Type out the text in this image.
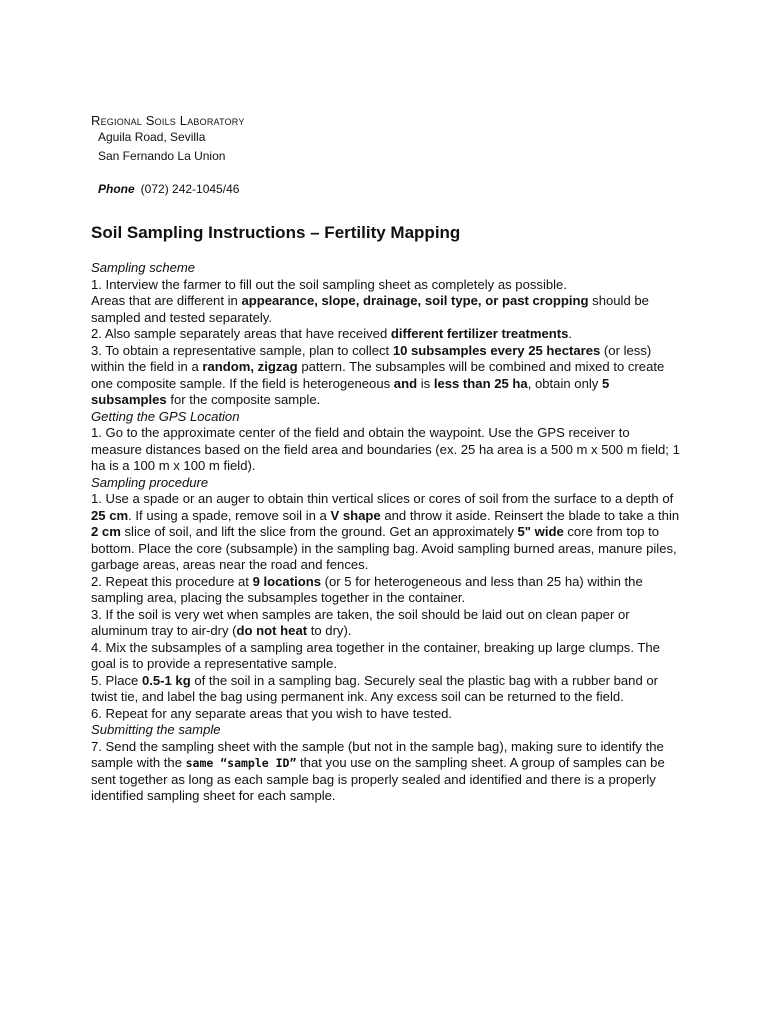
Regional Soils Laboratory
Aguila Road, Sevilla
San Fernando La Union
Phone (072) 242-1045/46
Soil Sampling Instructions – Fertility Mapping

Sampling scheme

1. Interview the farmer to fill out the soil sampling sheet as completely as possible.

Areas that are different in appearance, slope, drainage, soil type, or past cropping should be sampled and tested separately.

2. Also sample separately areas that have received different fertilizer treatments.

3. To obtain a representative sample, plan to collect 10 subsamples every 25 hectares (or less) within the field in a random, zigzag pattern. The subsamples will be combined and mixed to create one composite sample. If the field is heterogeneous and is less than 25 ha, obtain only 5 subsamples for the composite sample.

Getting the GPS Location

1. Go to the approximate center of the field and obtain the waypoint. Use the GPS receiver to measure distances based on the field area and boundaries (ex. 25 ha area is a 500 m x 500 m field; 1 ha is a 100 m x 100 m field).

Sampling procedure

1. Use a spade or an auger to obtain thin vertical slices or cores of soil from the surface to a depth of 25 cm. If using a spade, remove soil in a V shape and throw it aside. Reinsert the blade to take a thin 2 cm slice of soil, and lift the slice from the ground. Get an approximately 5" wide core from top to bottom. Place the core (subsample) in the sampling bag. Avoid sampling burned areas, manure piles, garbage areas, areas near the road and fences.

2. Repeat this procedure at 9 locations (or 5 for heterogeneous and less than 25 ha) within the sampling area, placing the subsamples together in the container.

3. If the soil is very wet when samples are taken, the soil should be laid out on clean paper or aluminum tray to air-dry (do not heat to dry).

4. Mix the subsamples of a sampling area together in the container, breaking up large clumps. The goal is to provide a representative sample.

5. Place 0.5-1 kg of the soil in a sampling bag. Securely seal the plastic bag with a rubber band or twist tie, and label the bag using permanent ink. Any excess soil can be returned to the field.

6. Repeat for any separate areas that you wish to have tested.

Submitting the sample

7. Send the sampling sheet with the sample (but not in the sample bag), making sure to identify the sample with the same “sample ID” that you use on the sampling sheet. A group of samples can be sent together as long as each sample bag is properly sealed and identified and there is a properly identified sampling sheet for each sample.
